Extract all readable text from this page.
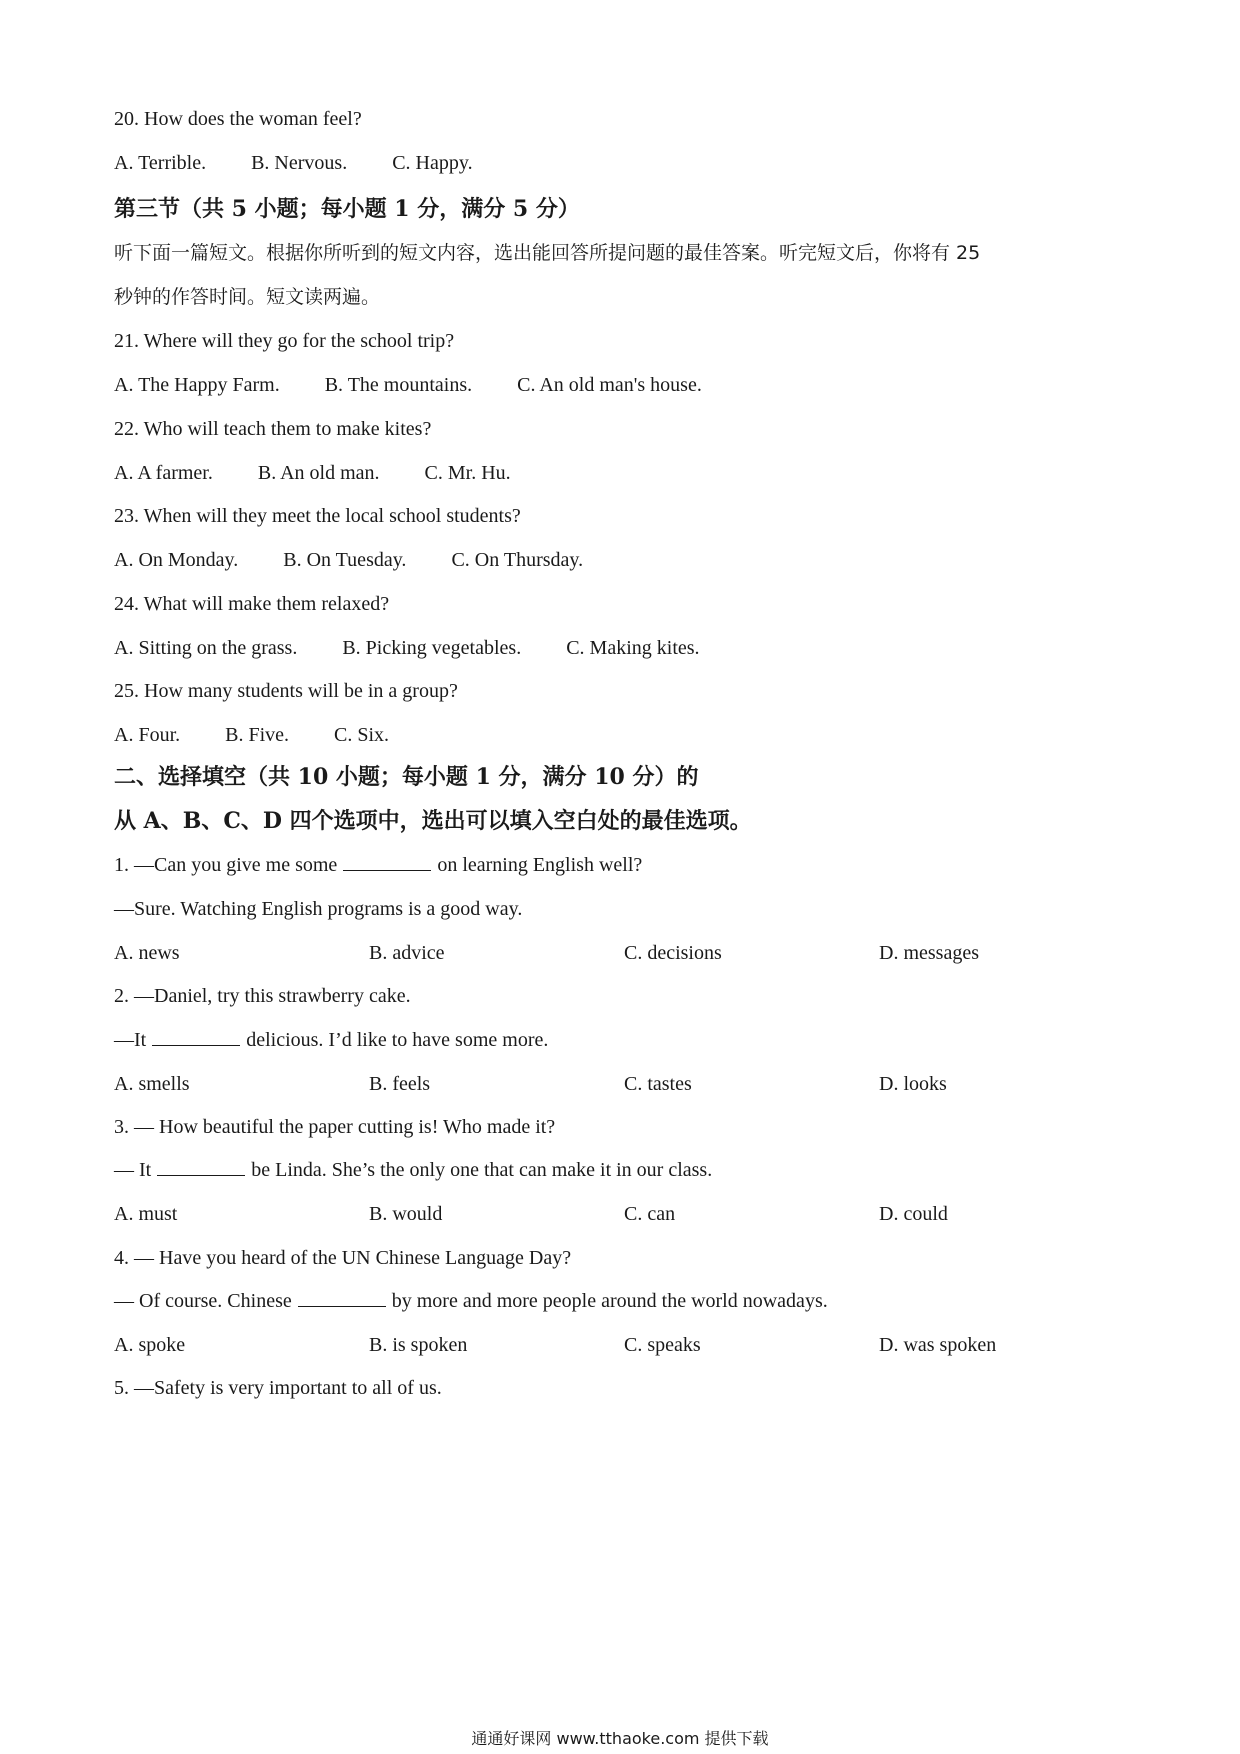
20. How does the woman feel?
A. Terrible. B. Nervous. C. Happy.
第三节（共 5 小题；每小题 1 分，满分 5 分）
听下面一篇短文。根据你所听到的短文内容，选出能回答所提问题的最佳答案。听完短文后，你将有 25
秒钟的作答时间。短文读两遍。
21. Where will they go for the school trip?
A. The Happy Farm. B. The mountains. C. An old man's house.
22. Who will teach them to make kites?
A. A farmer. B. An old man. C. Mr. Hu.
23. When will they meet the local school students?
A. On Monday. B. On Tuesday. C. On Thursday.
24. What will make them relaxed?
A. Sitting on the grass. B. Picking vegetables. C. Making kites.
25. How many students will be in a group?
A. Four. B. Five. C. Six.
二、选择填空（共 10 小题；每小题 1 分，满分 10 分）的
从 A、B、C、D 四个选项中，选出可以填入空白处的最佳选项。
1. —Can you give me some	on learning English well?
—Sure. Watching English programs is a good way.
A. news	B. advice	C. decisions	D. messages
2. —Daniel, try this strawberry cake.
—It	delicious. I’d like to have some more.
A. smells	B. feels	C. tastes	D. looks
3. — How beautiful the paper cutting is! Who made it?
— It	be Linda. She’s the only one that can make it in our class.
A. must	B. would	C. can	D. could
4. — Have you heard of the UN Chinese Language Day?
— Of course. Chinese	by more and more people around the world nowadays.
A. spoke	B. is spoken	C. speaks	D. was spoken
5. —Safety is very important to all of us.
通通好课网 www.tthaoke.com 提供下载
